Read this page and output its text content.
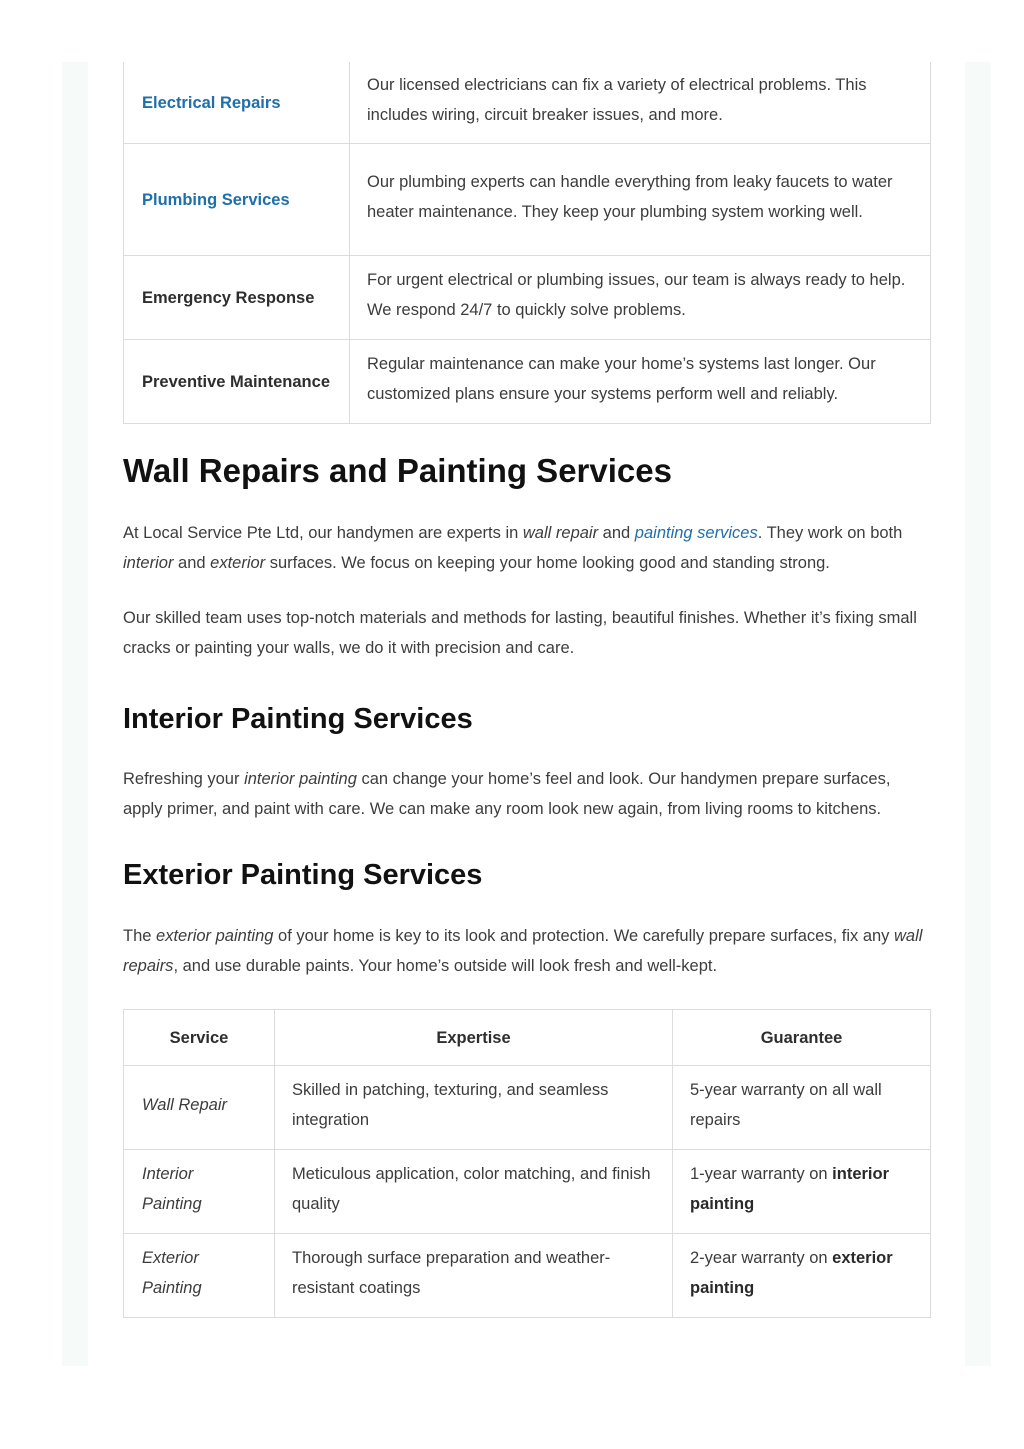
Electrical Repairs	Our licensed electricians can fix a variety of electrical problems. This includes wiring, circuit breaker issues, and more.
Plumbing Services	Our plumbing experts can handle everything from leaky faucets to water heater maintenance. They keep your plumbing system working well.
Emergency Response	For urgent electrical or plumbing issues, our team is always ready to help. We respond 24/7 to quickly solve problems.
Preventive Maintenance	Regular maintenance can make your home’s systems last longer. Our customized plans ensure your systems perform well and reliably.
Wall Repairs and Painting Services

At Local Service Pte Ltd, our handymen are experts in wall repair and painting services. They work on both interior and exterior surfaces. We focus on keeping your home looking good and standing strong.

Our skilled team uses top-notch materials and methods for lasting, beautiful finishes. Whether it’s fixing small cracks or painting your walls, we do it with precision and care.

Interior Painting Services

Refreshing your interior painting can change your home’s feel and look. Our handymen prepare surfaces, apply primer, and paint with care. We can make any room look new again, from living rooms to kitchens.

Exterior Painting Services

The exterior painting of your home is key to its look and protection. We carefully prepare surfaces, fix any wall repairs, and use durable paints. Your home’s outside will look fresh and well-kept.

Service	Expertise	Guarantee
Wall Repair	Skilled in patching, texturing, and seamless integration	5-year warranty on all wall repairs
Interior Painting	Meticulous application, color matching, and finish quality	1-year warranty on interior painting
Exterior Painting	Thorough surface preparation and weather-resistant coatings	2-year warranty on exterior painting
